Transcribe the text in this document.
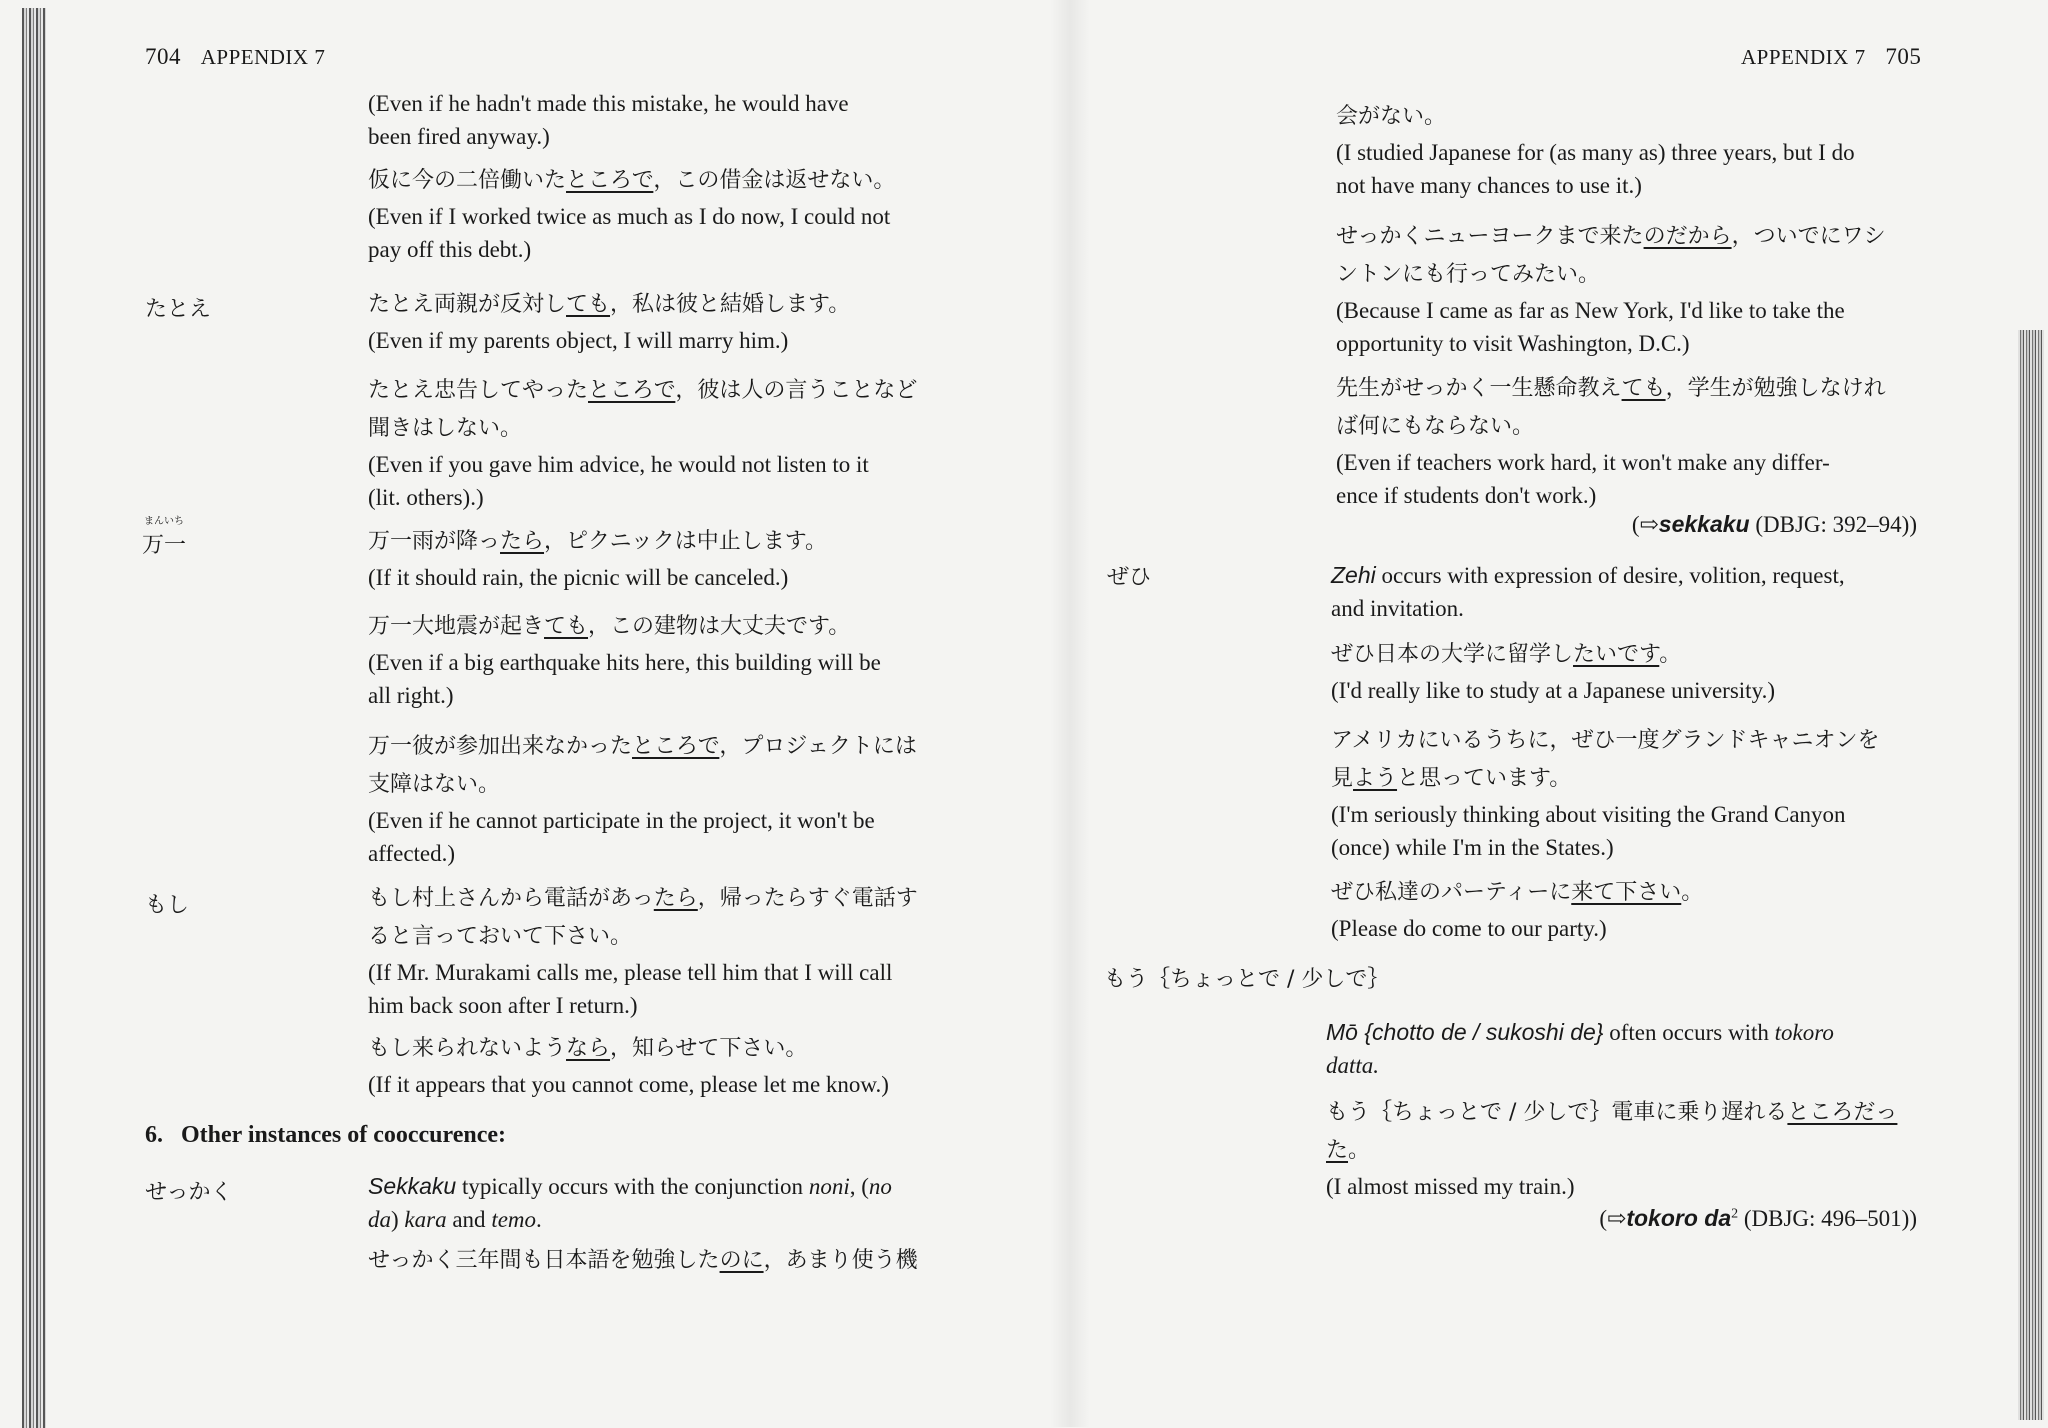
704 APPENDIX 7
(Even if he hadn't made this mistake, he would have
been fired anyway.)
仮に今の二倍働いたところで，この借金は返せない。
(Even if I worked twice as much as I do now, I could not
pay off this debt.)
たとえ	たとえ両親が反対しても，私は彼と結婚します。
(Even if my parents object, I will marry him.)
たとえ忠告してやったところで，彼は人の言うことなど
聞きはしない。
(Even if you gave him advice, he would not listen to it
(lit. others).)
まんいち
万一	万一雨が降ったら，ピクニックは中止します。
(If it should rain, the picnic will be canceled.)
万一大地震が起きても，この建物は大丈夫です。
(Even if a big earthquake hits here, this building will be
all right.)
万一彼が参加出来なかったところで，プロジェクトには
支障はない。
(Even if he cannot participate in the project, it won't be
affected.)
もし	もし村上さんから電話があったら，帰ったらすぐ電話す
ると言っておいて下さい。
(If Mr. Murakami calls me, please tell him that I will call
him back soon after I return.)
もし来られないようなら，知らせて下さい。
(If it appears that you cannot come, please let me know.)
6. Other instances of cooccurence:
せっかく	Sekkaku typically occurs with the conjunction noni, (no
da) kara and temo.
せっかく三年間も日本語を勉強したのに，あまり使う機
APPENDIX 7 705
会がない。
(I studied Japanese for (as many as) three years, but I do
not have many chances to use it.)
せっかくニューヨークまで来たのだから，ついでにワシ
ントンにも行ってみたい。
(Because I came as far as New York, I'd like to take the
opportunity to visit Washington, D.C.)
先生がせっかく一生懸命教えても，学生が勉強しなけれ
ば何にもならない。
(Even if teachers work hard, it won't make any differ-
ence if students don't work.)
(⇨sekkaku (DBJG: 392–94))
ぜひ	Zehi occurs with expression of desire, volition, request,
and invitation.
ぜひ日本の大学に留学したいです。
(I'd really like to study at a Japanese university.)
アメリカにいるうちに，ぜひ一度グランドキャニオンを
見ようと思っています。
(I'm seriously thinking about visiting the Grand Canyon
(once) while I'm in the States.)
ぜひ私達のパーティーに来て下さい。
(Please do come to our party.)
もう｛ちょっとで / 少しで｝
Mō {chotto de / sukoshi de} often occurs with tokoro
datta.
もう｛ちょっとで / 少しで｝電車に乗り遅れるところだっ
た。
(I almost missed my train.)
(⇨tokoro $da^2$ (DBJG: 496–501))
